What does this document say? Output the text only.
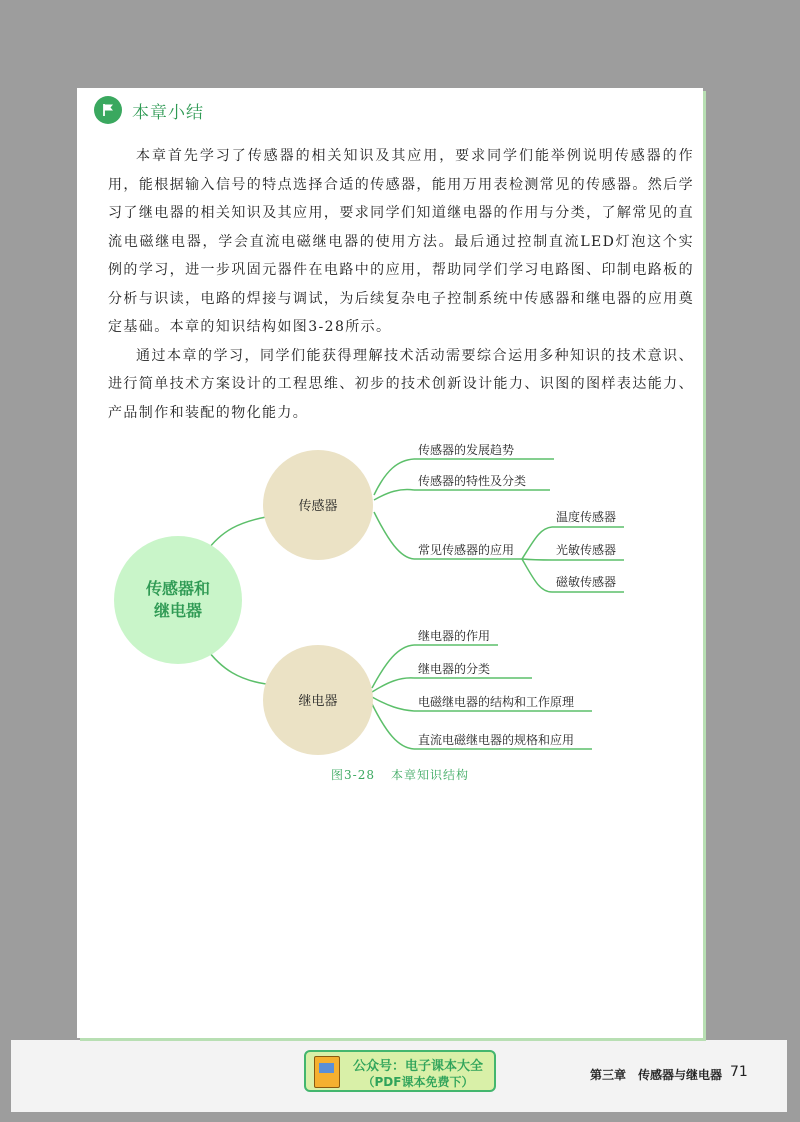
本章小结

本章首先学习了传感器的相关知识及其应用，要求同学们能举例说明传感器的作用，能根据输入信号的特点选择合适的传感器，能用万用表检测常见的传感器。然后学习了继电器的相关知识及其应用，要求同学们知道继电器的作用与分类，了解常见的直流电磁继电器，学会直流电磁继电器的使用方法。最后通过控制直流LED灯泡这个实例的学习，进一步巩固元器件在电路中的应用，帮助同学们学习电路图、印制电路板的分析与识读，电路的焊接与调试，为后续复杂电子控制系统中传感器和继电器的应用奠定基础。本章的知识结构如图3-28所示。

通过本章的学习，同学们能获得理解技术活动需要综合运用多种知识的技术意识、进行简单技术方案设计的工程思维、初步的技术创新设计能力、识图的图样表达能力、产品制作和装配的物化能力。

传感器和
继电器
传感器
继电器
传感器的发展趋势
传感器的特性及分类
常见传感器的应用
温度传感器
光敏传感器
磁敏传感器
继电器的作用
继电器的分类
电磁继电器的结构和工作原理
直流电磁继电器的规格和应用
图3-28 本章知识结构
公众号：电子课本大全
（PDF课本免费下）	第三章　传感器与继电器 71
